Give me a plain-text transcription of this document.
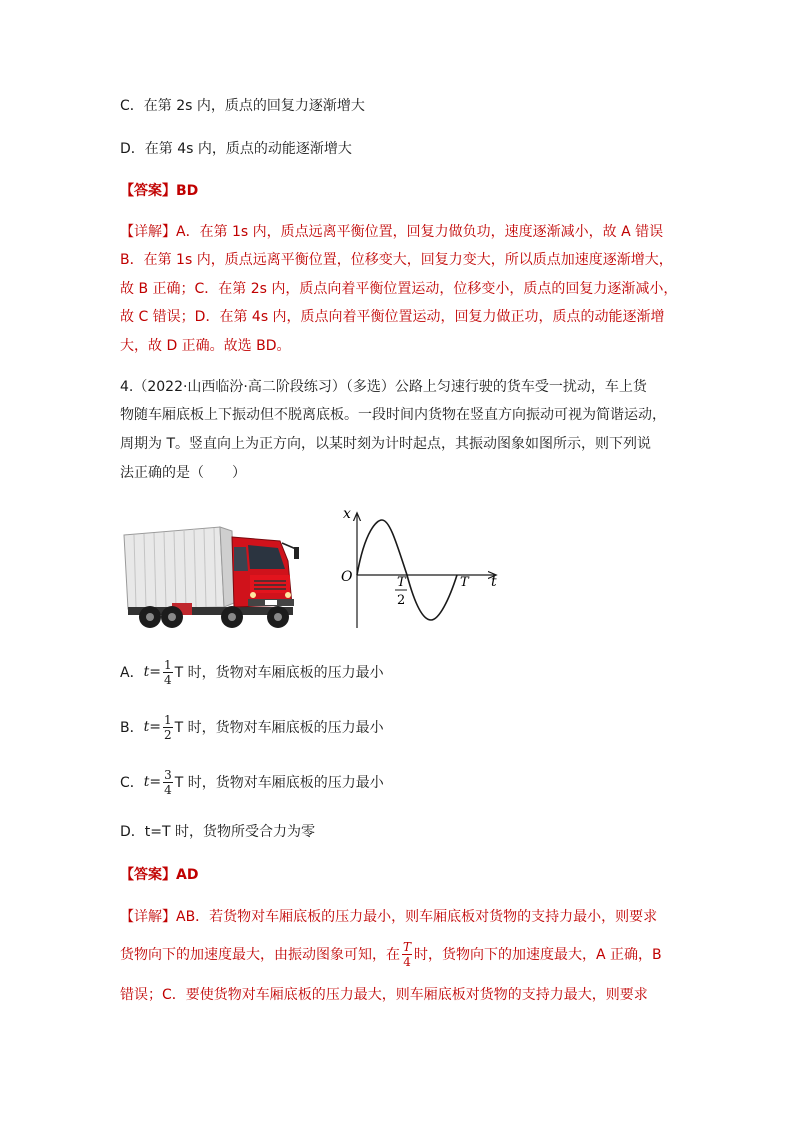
C．在第 2s 内，质点的回复力逐渐增大
D．在第 4s 内，质点的动能逐渐增大
【答案】BD
【详解】A．在第 1s 内，质点远离平衡位置，回复力做负功，速度逐渐减小，故 A 错误
B．在第 1s 内，质点远离平衡位置，位移变大，回复力变大，所以质点加速度逐渐增大，
故 B 正确；C．在第 2s 内，质点向着平衡位置运动，位移变小，质点的回复力逐渐减小，
故 C 错误；D．在第 4s 内，质点向着平衡位置运动，回复力做正功，质点的动能逐渐增
大，故 D 正确。故选 BD。
4.（2022·山西临汾·高二阶段练习）（多选）公路上匀速行驶的货车受一扰动，车上货
物随车厢底板上下振动但不脱离底板。一段时间内货物在竖直方向振动可视为简谐运动，
周期为 T。竖直向上为正方向，以某时刻为计时起点，其振动图象如图所示，则下列说
法正确的是（　　）
x
t
O	T
2
T
A． $t= \frac{1}{4}$ T 时，货物对车厢底板的压力最小
B． $t= \frac{1}{2}$ T 时，货物对车厢底板的压力最小
C． $t= \frac{3}{4}$ T 时，货物对车厢底板的压力最小
D．t=T 时，货物所受合力为零
【答案】AD
【详解】AB．若货物对车厢底板的压力最小，则车厢底板对货物的支持力最小，则要求
货物向下的加速度最大，由振动图象可知，在 $\frac{T}{4}$ 时，货物向下的加速度最大，A 正确，B
错误；C．要使货物对车厢底板的压力最大，则车厢底板对货物的支持力最大，则要求
